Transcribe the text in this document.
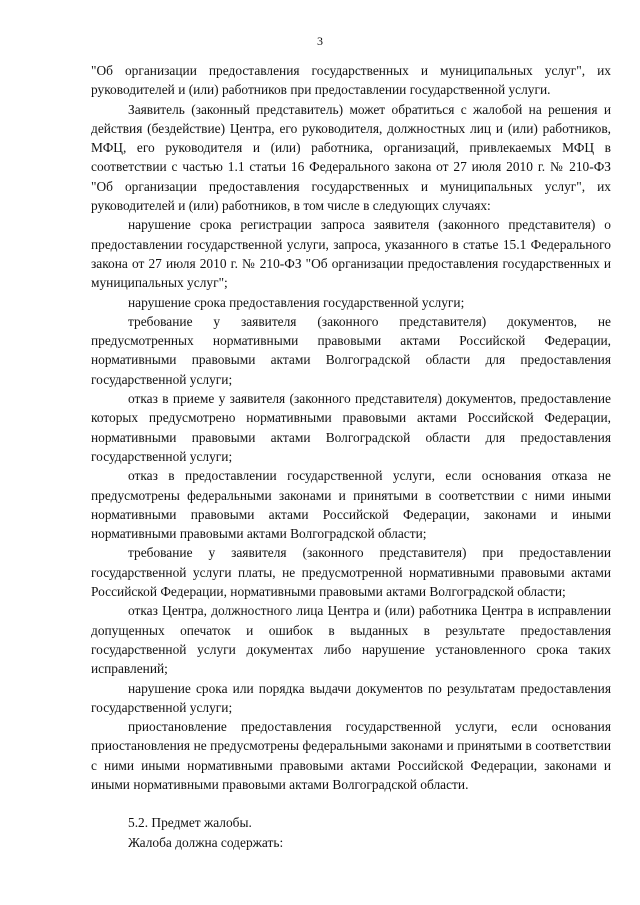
3

"Об организации предоставления государственных и муниципальных услуг", их руководителей и (или) работников при предоставлении государственной услуги.

Заявитель (законный представитель) может обратиться с жалобой на решения и действия (бездействие) Центра, его руководителя, должностных лиц и (или) работников, МФЦ, его руководителя и (или) работника, организаций, привлекаемых МФЦ в соответствии с частью 1.1 статьи 16 Федерального закона от 27 июля 2010 г. № 210-ФЗ "Об организации предоставления государственных и муниципальных услуг", их руководителей и (или) работников, в том числе в следующих случаях:

нарушение срока регистрации запроса заявителя (законного представителя) о предоставлении государственной услуги, запроса, указанного в статье 15.1 Федерального закона от 27 июля 2010 г. № 210-ФЗ "Об организации предоставления государственных и муниципальных услуг";

нарушение срока предоставления государственной услуги;

требование у заявителя (законного представителя) документов, не предусмотренных нормативными правовыми актами Российской Федерации, нормативными правовыми актами Волгоградской области для предоставления государственной услуги;

отказ в приеме у заявителя (законного представителя) документов, предоставление которых предусмотрено нормативными правовыми актами Российской Федерации, нормативными правовыми актами Волгоградской области для предоставления государственной услуги;

отказ в предоставлении государственной услуги, если основания отказа не предусмотрены федеральными законами и принятыми в соответствии с ними иными нормативными правовыми актами Российской Федерации, законами и иными нормативными правовыми актами Волгоградской области;

требование у заявителя (законного представителя) при предоставлении государственной услуги платы, не предусмотренной нормативными правовыми актами Российской Федерации, нормативными правовыми актами Волгоградской области;

отказ Центра, должностного лица Центра и (или) работника Центра в исправлении допущенных опечаток и ошибок в выданных в результате предоставления государственной услуги документах либо нарушение установленного срока таких исправлений;

нарушение срока или порядка выдачи документов по результатам предоставления государственной услуги;

приостановление предоставления государственной услуги, если основания приостановления не предусмотрены федеральными законами и принятыми в соответствии с ними иными нормативными правовыми актами Российской Федерации, законами и иными нормативными правовыми актами Волгоградской области.

5.2. Предмет жалобы.

Жалоба должна содержать:
